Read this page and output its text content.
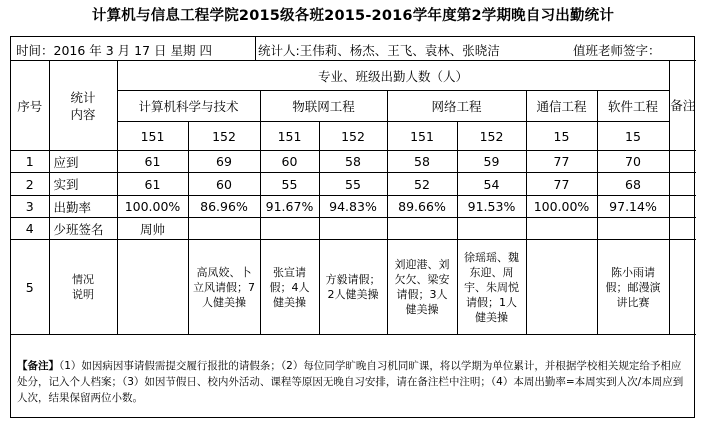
计算机与信息工程学院2015级各班2015-2016学年度第2学期晚自习出勤统计
时间：2016 年 3 月 17 日 星期 四	统计人:王伟莉、杨杰、王飞、袁林、张晓洁	值班老师签字：
序号	统计内容	专业、班级出勤人数（人）								备注
		计算机科学与技术		物联网工程		网络工程		通信工程	软件工程	
		151	152	151	152	151	152	15	15	
1	应到	61	69	60	58	58	59	77	70	
2	实到	61	60	55	55	52	54	77	68	
3	出勤率	100.00%	86.96%	91.67%	94.83%	89.66%	91.53%	100.00%	97.14%	
4	少班签名	周帅								
5	情况说明		高凤姣、卜立风请假；7人健美操	张宣请假；4人健美操	方毅请假；2人健美操	刘迎港、刘欠欠、梁安请假；3人健美操	徐瑶瑶、魏东迎、周宇、朱周悦请假；1人健美操		陈小雨请假；邮漫演讲比赛	
【备注】（1）如因病因事请假需提交履行报批的请假条；（2）每位同学旷晚自习机同旷课，将以学期为单位累计，并根据学校相关规定给予相应处分，记入个人档案；（3）如因节假日、校内外活动、课程等原因无晚自习安排，请在备注栏中注明；（4）本周出勤率=本周实到人次/本周应到人次，结果保留两位小数。
